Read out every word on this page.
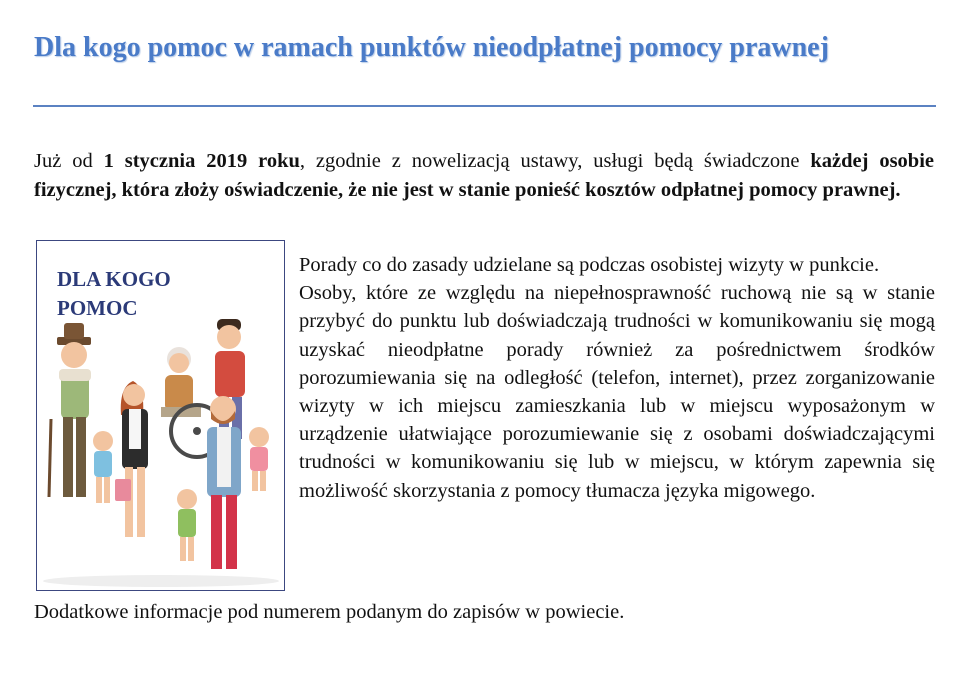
Dla kogo pomoc w ramach punktów nieodpłatnej pomocy prawnej

Już od 1 stycznia 2019 roku, zgodnie z nowelizacją ustawy, usługi będą świadczone każdej osobie fizycznej, która złoży oświadczenie, że nie jest w stanie ponieść kosztów odpłatnej pomocy prawnej.

DLA KOGO
POMOC

Porady co do zasady udzielane są podczas osobistej wizyty w punkcie.
Osoby, które ze względu na niepełnosprawność ruchową nie są w stanie przybyć do punktu lub doświadczają trudności w komunikowaniu się mogą uzyskać nieodpłatne porady również za pośrednictwem środków porozumiewania się na odległość (telefon, internet), przez zorganizowanie wizyty w ich miejscu zamieszkania lub w miejscu wyposażonym w urządzenie ułatwiające porozumiewanie się z osobami doświadczającymi trudności w komunikowaniu się lub w miejscu, w którym zapewnia się możliwość skorzystania z pomocy tłumacza języka migowego.

Dodatkowe informacje pod numerem podanym do zapisów w powiecie.
